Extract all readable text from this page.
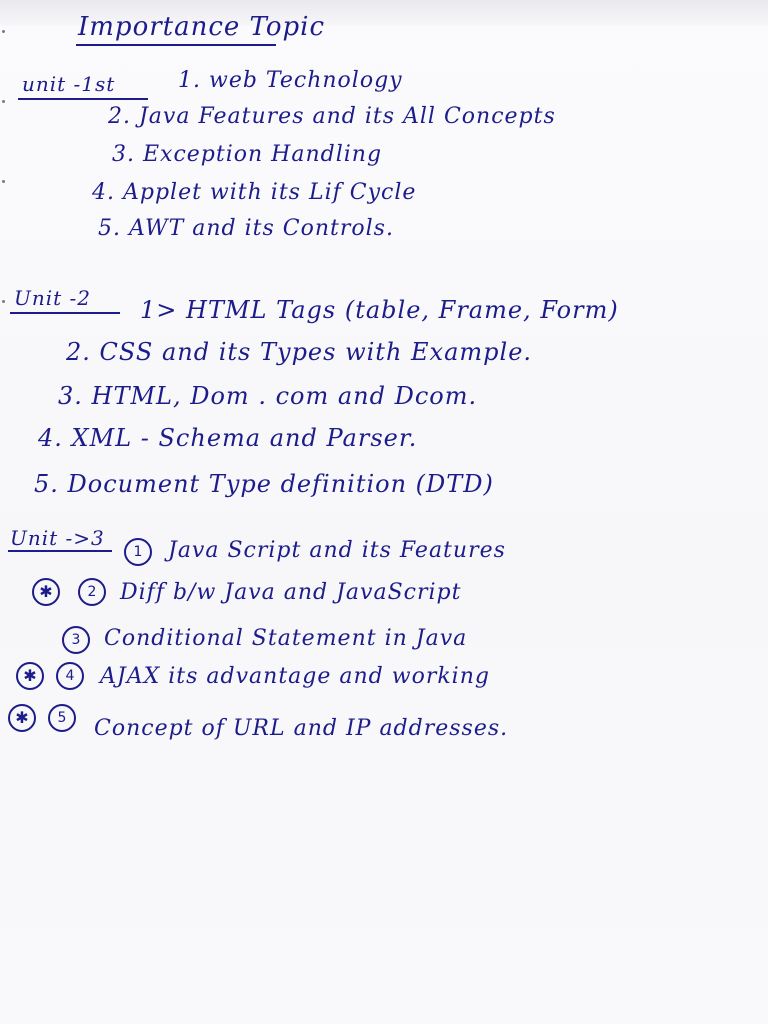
Importance Topic
unit -1st	1. web Technology
2. Java Features and its All Concepts
3. Exception Handling
4. Applet with its Lif Cycle
5. AWT and its Controls.
Unit -2 1> HTML Tags (table, Frame, Form)
2. CSS and its Types with Example.
3. HTML, Dom . com and Dcom.
4. XML - Schema and Parser.
5. Document Type definition (DTD)
Unit ->3
1	Java Script and its Features
✱	2	Diff b/w Java and JavaScript
3	Conditional Statement in Java
✱	4	AJAX its advantage and working
✱	5	Concept of URL and IP addresses.
